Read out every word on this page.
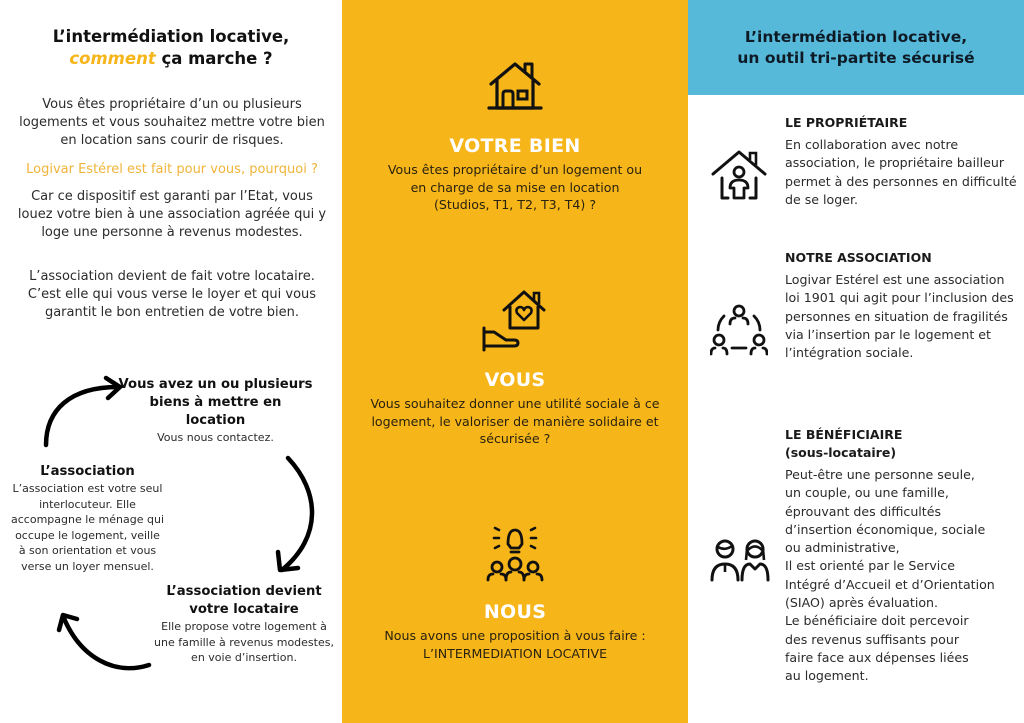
L’intermédiation locative,
comment ça marche ?

Vous êtes propriétaire d’un ou plusieurs logements et vous souhaitez mettre votre bien en location sans courir de risques.

Logivar Estérel est fait pour vous, pourquoi ?

Car ce dispositif est garanti par l’Etat, vous louez votre bien à une association agréée qui y loge une personne à revenus modestes.

L’association devient de fait votre locataire. C’est elle qui vous verse le loyer et qui vous garantit le bon entretien de votre bien.

Vous avez un ou plusieurs biens à mettre en location
Vous nous contactez.
L’association devient votre locataire
Elle propose votre logement à une famille à revenus modestes, en voie d’insertion.
L’association
L’association est votre seul interlocuteur. Elle accompagne le ménage qui occupe le logement, veille à son orientation et vous verse un loyer mensuel.
VOTRE BIEN
Vous êtes propriétaire d’un logement ou en charge de sa mise en location (Studios, T1, T2, T3, T4) ?
VOUS
Vous souhaitez donner une utilité sociale à ce logement, le valoriser de manière solidaire et sécurisée ?
NOUS
Nous avons une proposition à vous faire : L’INTERMEDIATION LOCATIVE
L’intermédiation locative,
un outil tri-partite sécurisé
LE PROPRIÉTAIRE
En collaboration avec notre association, le propriétaire bailleur permet à des personnes en difficulté de se loger.
NOTRE ASSOCIATION
Logivar Estérel est une association loi 1901 qui agit pour l’inclusion des personnes en situation de fragilités via l’insertion par le logement et l’intégration sociale.
LE BÉNÉFICIAIRE
(sous-locataire)
Peut-être une personne seule,
un couple, ou une famille,
éprouvant des difficultés
d’insertion économique, sociale
ou administrative,
Il est orienté par le Service
Intégré d’Accueil et d’Orientation
(SIAO) après évaluation.
Le bénéficiaire doit percevoir
des revenus suffisants pour
faire face aux dépenses liées
au logement.
